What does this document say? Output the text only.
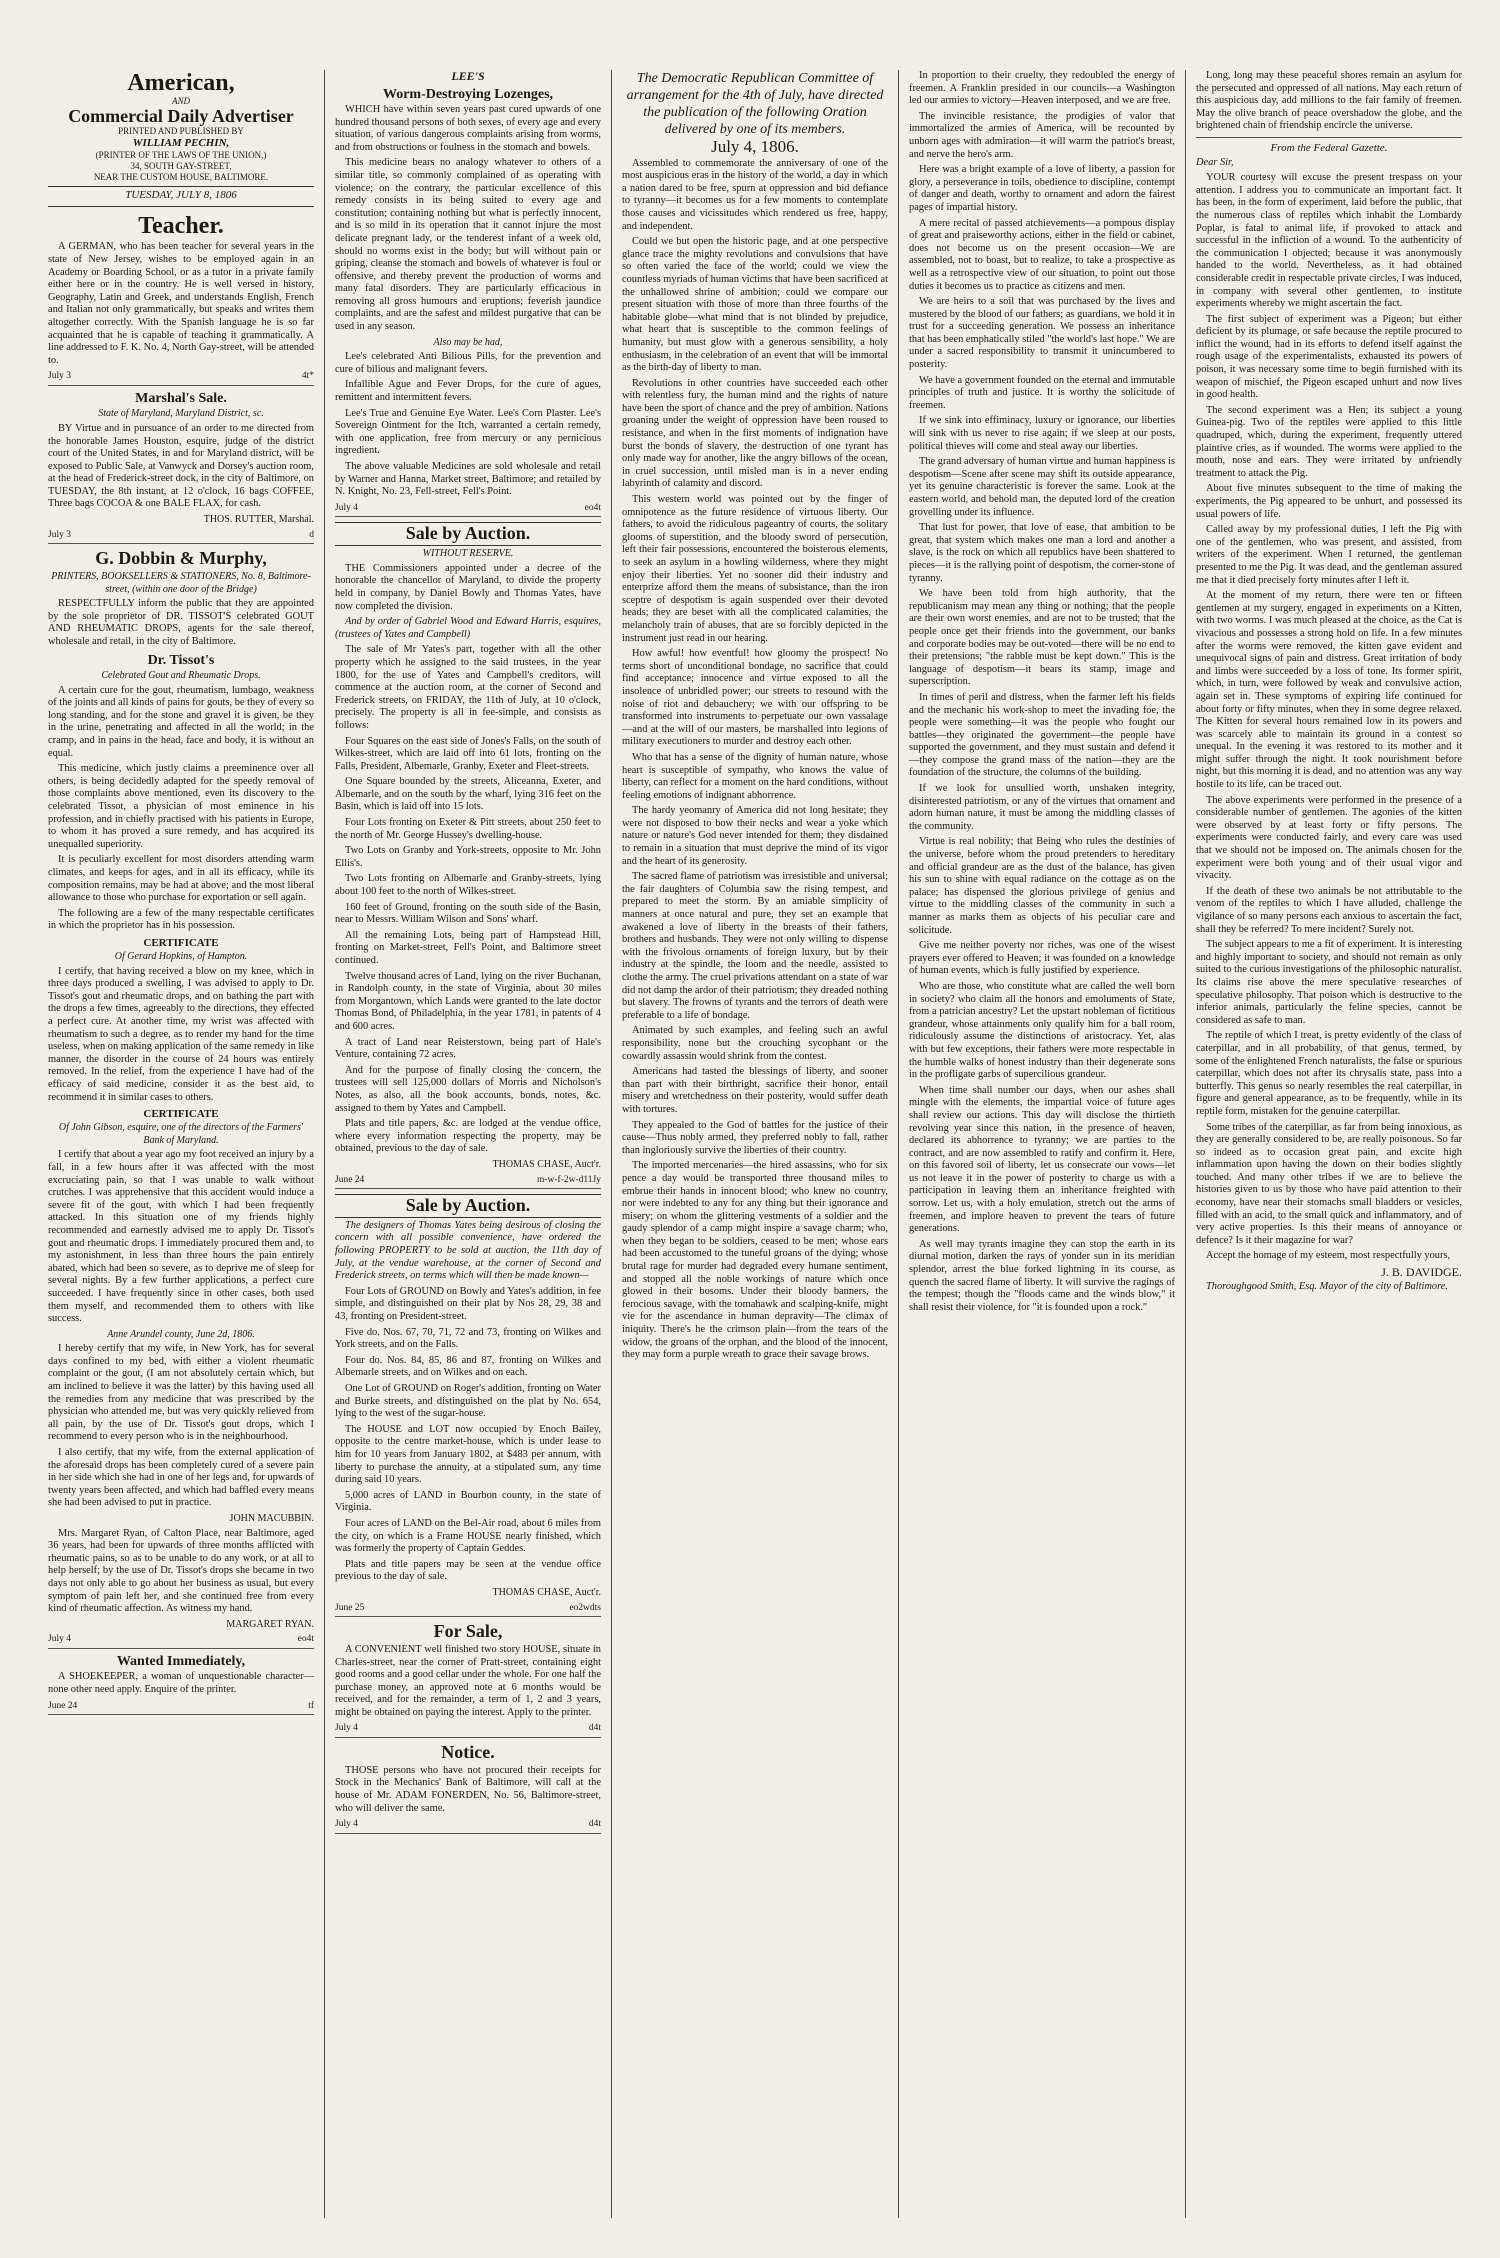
American,
AND
Commercial Daily Advertiser
PRINTED AND PUBLISHED BY
WILLIAM PECHIN,
(PRINTER OF THE LAWS OF THE UNION,)
34, SOUTH GAY-STREET,
NEAR THE CUSTOM HOUSE, BALTIMORE.
TUESDAY, JULY 8, 1806
Teacher.

A GERMAN, who has been teacher for several years in the state of New Jersey, wishes to be employed again in an Academy or Boarding School, or as a tutor in a private family either here or in the country. He is well versed in history, Geography, Latin and Greek, and understands English, French and Italian not only grammatically, but speaks and writes them altogether correctly. With the Spanish language he is so far acquainted that he is capable of teaching it grammatically. A line addressed to F. K. No. 4, North Gay-street, will be attended to.

July 3	4t*
Marshal's Sale.
State of Maryland, Maryland District, sc.

BY Virtue and in pursuance of an order to me directed from the honorable James Houston, esquire, judge of the district court of the United States, in and for Maryland district, will be exposed to Public Sale, at Vanwyck and Dorsey's auction room, at the head of Frederick-street dock, in the city of Baltimore, on TUESDAY, the 8th instant, at 12 o'clock, 16 bags COFFEE, Three bags COCOA & one BALE FLAX, for cash.

THOS. RUTTER, Marshal.
July 3	d
G. Dobbin & Murphy,
PRINTERS, BOOKSELLERS & STATIONERS, No. 8, Baltimore-street, (within one door of the Bridge)

RESPECTFULLY inform the public that they are appointed by the sole proprietor of DR. TISSOT'S celebrated GOUT AND RHEUMATIC DROPS, agents for the sale thereof, wholesale and retail, in the city of Baltimore.

Dr. Tissot's
Celebrated Gout and Rheumatic Drops.

A certain cure for the gout, rheumatism, lumbago, weakness of the joints and all kinds of pains for gouts, be they of every so long standing, and for the stone and gravel it is given, be they in the urine, penetrating and affected in all the world; in the cramp, and in pains in the head, face and body, it is without an equal.

This medicine, which justly claims a preeminence over all others, is being decidedly adapted for the speedy removal of those complaints above mentioned, even its discovery to the celebrated Tissot, a physician of most eminence in his profession, and in chiefly practised with his patients in Europe, to whom it has proved a sure remedy, and has acquired its unequalled superiority.

It is peculiarly excellent for most disorders attending warm climates, and keeps for ages, and in all its efficacy, while its composition remains, may be had at above; and the most liberal allowance to those who purchase for exportation or sell again.

The following are a few of the many respectable certificates in which the proprietor has in his possession.

CERTIFICATE
Of Gerard Hopkins, of Hampton.

I certify, that having received a blow on my knee, which in three days produced a swelling, I was advised to apply to Dr. Tissot's gout and rheumatic drops, and on bathing the part with the drops a few times, agreeably to the directions, they effected a perfect cure. At another time, my wrist was affected with rheumatism to such a degree, as to render my hand for the time useless, when on making application of the same remedy in like manner, the disorder in the course of 24 hours was entirely removed. In the relief, from the experience I have had of the efficacy of said medicine, consider it as the best aid, to recommend it in similar cases to others.

CERTIFICATE
Of John Gibson, esquire, one of the directors of the Farmers' Bank of Maryland.

I certify that about a year ago my foot received an injury by a fall, in a few hours after it was affected with the most excruciating pain, so that I was unable to walk without crutches. I was apprehensive that this accident would induce a severe fit of the gout, with which I had been frequently attacked. In this situation one of my friends highly recommended and earnestly advised me to apply Dr. Tissot's gout and rheumatic drops. I immediately procured them and, to my astonishment, in less than three hours the pain entirely abated, which had been so severe, as to deprive me of sleep for several nights. By a few further applications, a perfect cure succeeded. I have frequently since in other cases, both used them myself, and recommended them to others with like success.

Anne Arundel county, June 2d, 1806.

I hereby certify that my wife, in New York, has for several days confined to my bed, with either a violent rheumatic complaint or the gout, (I am not absolutely certain which, but am inclined to believe it was the latter) by this having used all the remedies from any medicine that was prescribed by the physician who attended me, but was very quickly relieved from all pain, by the use of Dr. Tissot's gout drops, which I recommend to every person who is in the neighbourhood.

I also certify, that my wife, from the external application of the aforesaid drops has been completely cured of a severe pain in her side which she had in one of her legs and, for upwards of twenty years been affected, and which had baffled every means she had been advised to put in practice.

JOHN MACUBBIN.

Mrs. Margaret Ryan, of Calton Place, near Baltimore, aged 36 years, had been for upwards of three months afflicted with rheumatic pains, so as to be unable to do any work, or at all to help herself; by the use of Dr. Tissot's drops she became in two days not only able to go about her business as usual, but every symptom of pain left her, and she continued free from every kind of rheumatic affection. As witness my hand.

MARGARET RYAN.
July 4	eo4t
Wanted Immediately,

A SHOEKEEPER, a woman of unquestionable character—none other need apply. Enquire of the printer.

June 24	tf
LEE'S
Worm-Destroying Lozenges,

WHICH have within seven years past cured upwards of one hundred thousand persons of both sexes, of every age and every situation, of various dangerous complaints arising from worms, and from obstructions or foulness in the stomach and bowels.

This medicine bears no analogy whatever to others of a similar title, so commonly complained of as operating with violence; on the contrary, the particular excellence of this remedy consists in its being suited to every age and constitution; containing nothing but what is perfectly innocent, and is so mild in its operation that it cannot injure the most delicate pregnant lady, or the tenderest infant of a week old, should no worms exist in the body; but will without pain or griping, cleanse the stomach and bowels of whatever is foul or offensive, and thereby prevent the production of worms and many fatal disorders. They are particularly efficacious in removing all gross humours and eruptions; feverish jaundice complaints, and are the safest and mildest purgative that can be used in any season.

Also may be had,

Lee's celebrated Anti Bilious Pills, for the prevention and cure of bilious and malignant fevers.

Infallible Ague and Fever Drops, for the cure of agues, remittent and intermittent fevers.

Lee's True and Genuine Eye Water. Lee's Corn Plaster. Lee's Sovereign Ointment for the Itch, warranted a certain remedy, with one application, free from mercury or any pernicious ingredient.

The above valuable Medicines are sold wholesale and retail by Warner and Hanna, Market street, Baltimore; and retailed by N. Knight, No. 23, Fell-street, Fell's Point.

July 4	eo4t
Sale by Auction.
WITHOUT RESERVE.

THE Commissioners appointed under a decree of the honorable the chancellor of Maryland, to divide the property held in company, by Daniel Bowly and Thomas Yates, have now completed the division.

And by order of Gabriel Wood and Edward Harris, esquires, (trustees of Yates and Campbell)

The sale of Mr Yates's part, together with all the other property which he assigned to the said trustees, in the year 1800, for the use of Yates and Campbell's creditors, will commence at the auction room, at the corner of Second and Frederick streets, on FRIDAY, the 11th of July, at 10 o'clock, precisely. The property is all in fee-simple, and consists as follows:

Four Squares on the east side of Jones's Falls, on the south of Wilkes-street, which are laid off into 61 lots, fronting on the Falls, President, Albemarle, Granby, Exeter and Fleet-streets.

One Square bounded by the streets, Aliceanna, Exeter, and Albemarle, and on the south by the wharf, lying 316 feet on the Basin, which is laid off into 15 lots.

Four Lots fronting on Exeter & Pitt streets, about 250 feet to the north of Mr. George Hussey's dwelling-house.

Two Lots on Granby and York-streets, opposite to Mr. John Ellis's.

Two Lots fronting on Albemarle and Granby-streets, lying about 100 feet to the north of Wilkes-street.

160 feet of Ground, fronting on the south side of the Basin, near to Messrs. William Wilson and Sons' wharf.

All the remaining Lots, being part of Hampstead Hill, fronting on Market-street, Fell's Point, and Baltimore street continued.

Twelve thousand acres of Land, lying on the river Buchanan, in Randolph county, in the state of Virginia, about 30 miles from Morgantown, which Lands were granted to the late doctor Thomas Bond, of Philadelphia, in the year 1781, in patents of 4 and 600 acres.

A tract of Land near Reisterstown, being part of Hale's Venture, containing 72 acres.

And for the purpose of finally closing the concern, the trustees will sell 125,000 dollars of Morris and Nicholson's Notes, as also, all the book accounts, bonds, notes, &c. assigned to them by Yates and Campbell.

Plats and title papers, &c. are lodged at the vendue office, where every information respecting the property, may be obtained, previous to the day of sale.

THOMAS CHASE, Auct'r.
June 24	m-w-f-2w-d11Jy
Sale by Auction.

The designers of Thomas Yates being desirous of closing the concern with all possible convenience, have ordered the following PROPERTY to be sold at auction, the 11th day of July, at the vendue warehouse, at the corner of Second and Frederick streets, on terms which will then be made known—

Four Lots of GROUND on Bowly and Yates's addition, in fee simple, and distinguished on their plat by Nos 28, 29, 38 and 43, fronting on President-street.

Five do. Nos. 67, 70, 71, 72 and 73, fronting on Wilkes and York streets, and on the Falls.

Four do. Nos. 84, 85, 86 and 87, fronting on Wilkes and Albemarle streets, and on Wilkes and on each.

One Lot of GROUND on Roger's addition, fronting on Water and Burke streets, and distinguished on the plat by No. 654, lying to the west of the sugar-house.

The HOUSE and LOT now occupied by Enoch Bailey, opposite to the centre market-house, which is under lease to him for 10 years from January 1802, at $483 per annum, with liberty to purchase the annuity, at a stipulated sum, any time during said 10 years.

5,000 acres of LAND in Bourbon county, in the state of Virginia.

Four acres of LAND on the Bel-Air road, about 6 miles from the city, on which is a Frame HOUSE nearly finished, which was formerly the property of Captain Geddes.

Plats and title papers may be seen at the vendue office previous to the day of sale.

THOMAS CHASE, Auct'r.
June 25	eo2wdts
For Sale,

A CONVENIENT well finished two story HOUSE, situate in Charles-street, near the corner of Pratt-street, containing eight good rooms and a good cellar under the whole. For one half the purchase money, an approved note at 6 months would be received, and for the remainder, a term of 1, 2 and 3 years, might be obtained on paying the interest. Apply to the printer.

July 4	d4t
Notice.

THOSE persons who have not procured their receipts for Stock in the Mechanics' Bank of Baltimore, will call at the house of Mr. ADAM FONERDEN, No. 56, Baltimore-street, who will deliver the same.

July 4	d4t
The Democratic Republican Committee of arrangement for the 4th of July, have directed the publication of the following Oration delivered by one of its members.
July 4, 1806.

Assembled to commemorate the anniversary of one of the most auspicious eras in the history of the world, a day in which a nation dared to be free, spurn at oppression and bid defiance to tyranny—it becomes us for a few moments to contemplate those causes and vicissitudes which rendered us free, happy, and independent.

Could we but open the historic page, and at one perspective glance trace the mighty revolutions and convulsions that have so often varied the face of the world; could we view the countless myriads of human victims that have been sacrificed at the unhallowed shrine of ambition; could we compare our present situation with those of more than three fourths of the habitable globe—what mind that is not blinded by prejudice, what heart that is susceptible to the common feelings of humanity, but must glow with a generous sensibility, a holy enthusiasm, in the celebration of an event that will be immortal as the birth-day of liberty to man.

Revolutions in other countries have succeeded each other with relentless fury, the human mind and the rights of nature have been the sport of chance and the prey of ambition. Nations groaning under the weight of oppression have been roused to resistance, and when in the first moments of indignation have burst the bonds of slavery, the destruction of one tyrant has only made way for another, like the angry billows of the ocean, in cruel succession, until misled man is in a never ending labyrinth of calamity and discord.

This western world was pointed out by the finger of omnipotence as the future residence of virtuous liberty. Our fathers, to avoid the ridiculous pageantry of courts, the solitary glooms of superstition, and the bloody sword of persecution, left their fair possessions, encountered the boisterous elements, to seek an asylum in a howling wilderness, where they might enjoy their liberties. Yet no sooner did their industry and enterprize afford them the means of subsistance, than the iron sceptre of despotism is again suspended over their devoted heads; they are beset with all the complicated calamities, the melancholy train of abuses, that are so forcibly depicted in the instrument just read in our hearing.

How awful! how eventful! how gloomy the prospect! No terms short of unconditional bondage, no sacrifice that could find acceptance; innocence and virtue exposed to all the insolence of unbridled power; our streets to resound with the noise of riot and debauchery; we with our offspring to be transformed into instruments to perpetuate our own vassalage—and at the will of our masters, be marshalled into legions of military executioners to murder and destroy each other.

Who that has a sense of the dignity of human nature, whose heart is susceptible of sympathy, who knows the value of liberty, can reflect for a moment on the hard conditions, without feeling emotions of indignant abhorrence.

The hardy yeomanry of America did not long hesitate; they were not disposed to bow their necks and wear a yoke which nature or nature's God never intended for them; they disdained to remain in a situation that must deprive the mind of its vigor and the heart of its generosity.

The sacred flame of patriotism was irresistible and universal; the fair daughters of Columbia saw the rising tempest, and prepared to meet the storm. By an amiable simplicity of manners at once natural and pure, they set an example that awakened a love of liberty in the breasts of their fathers, brothers and husbands. They were not only willing to dispense with the frivolous ornaments of foreign luxury, but by their industry at the spindle, the loom and the needle, assisted to clothe the army. The cruel privations attendant on a state of war did not damp the ardor of their patriotism; they dreaded nothing but slavery. The frowns of tyrants and the terrors of death were preferable to a life of bondage.

Animated by such examples, and feeling such an awful responsibility, none but the crouching sycophant or the cowardly assassin would shrink from the contest.

Americans had tasted the blessings of liberty, and sooner than part with their birthright, sacrifice their honor, entail misery and wretchedness on their posterity, would suffer death with tortures.

They appealed to the God of battles for the justice of their cause—Thus nobly armed, they preferred nobly to fall, rather than ingloriously survive the liberties of their country.

The imported mercenaries—the hired assassins, who for six pence a day would be transported three thousand miles to embrue their hands in innocent blood; who knew no country, nor were indebted to any for any thing but their ignorance and misery; on whom the glittering vestments of a soldier and the gaudy splendor of a camp might inspire a savage charm; who, when they began to be soldiers, ceased to be men; whose ears had been accustomed to the tuneful groans of the dying; whose brutal rage for murder had degraded every humane sentiment, and stopped all the noble workings of nature which once glowed in their bosoms. Under their bloody banners, the ferocious savage, with the tomahawk and scalping-knife, might vie for the ascendance in human depravity—The climax of iniquity. There's he the crimson plain—from the tears of the widow, the groans of the orphan, and the blood of the innocent, they may form a purple wreath to grace their savage brows.

In proportion to their cruelty, they redoubled the energy of freemen. A Franklin presided in our councils—a Washington led our armies to victory—Heaven interposed, and we are free.

The invincible resistance, the prodigies of valor that immortalized the armies of America, will be recounted by unborn ages with admiration—it will warm the patriot's breast, and nerve the hero's arm.

Here was a bright example of a love of liberty, a passion for glory, a perseverance in toils, obedience to discipline, contempt of danger and death, worthy to ornament and adorn the fairest pages of impartial history.

A mere recital of passed atchievements—a pompous display of great and praiseworthy actions, either in the field or cabinet, does not become us on the present occasion—We are assembled, not to boast, but to realize, to take a prospective as well as a retrospective view of our situation, to point out those duties it becomes us to practice as citizens and men.

We are heirs to a soil that was purchased by the lives and mustered by the blood of our fathers; as guardians, we hold it in trust for a succeeding generation. We possess an inheritance that has been emphatically stiled "the world's last hope." We are under a sacred responsibility to transmit it unincumbered to posterity.

We have a government founded on the eternal and immutable principles of truth and justice. It is worthy the solicitude of freemen.

If we sink into effiminacy, luxury or ignorance, our liberties will sink with us never to rise again; if we sleep at our posts, political thieves will come and steal away our liberties.

The grand adversary of human virtue and human happiness is despotism—Scene after scene may shift its outside appearance, yet its genuine characteristic is forever the same. Look at the eastern world, and behold man, the deputed lord of the creation grovelling under its influence.

That lust for power, that love of ease, that ambition to be great, that system which makes one man a lord and another a slave, is the rock on which all republics have been shattered to pieces—it is the rallying point of despotism, the corner-stone of tyranny.

We have been told from high authority, that the republicanism may mean any thing or nothing; that the people are their own worst enemies, and are not to be trusted; that the people once get their friends into the government, our banks and corporate bodies may be out-voted—there will be no end to their pretensions; "the rabble must be kept down." This is the language of despotism—it bears its stamp, image and superscription.

In times of peril and distress, when the farmer left his fields and the mechanic his work-shop to meet the invading foe, the people were something—it was the people who fought our battles—they originated the government—the people have supported the government, and they must sustain and defend it—they compose the grand mass of the nation—they are the foundation of the structure, the columns of the building.

If we look for unsullied worth, unshaken integrity, disinterested patriotism, or any of the virtues that ornament and adorn human nature, it must be among the middling classes of the community.

Virtue is real nobility; that Being who rules the destinies of the universe, before whom the proud pretenders to hereditary and official grandeur are as the dust of the balance, has given his sun to shine with equal radiance on the cottage as on the palace; has dispensed the glorious privilege of genius and virtue to the middling classes of the community in such a manner as marks them as objects of his peculiar care and solicitude.

Give me neither poverty nor riches, was one of the wisest prayers ever offered to Heaven; it was founded on a knowledge of human events, which is fully justified by experience.

Who are those, who constitute what are called the well born in society? who claim all the honors and emoluments of State, from a patrician ancestry? Let the upstart nobleman of fictitious grandeur, whose attainments only qualify him for a ball room, ridiculously assume the distinctions of aristocracy. Yet, alas with but few exceptions, their fathers were more respectable in the humble walks of honest industry than their degenerate sons in the profligate garbs of supercilious grandeur.

When time shall number our days, when our ashes shall mingle with the elements, the impartial voice of future ages shall review our actions. This day will disclose the thirtieth revolving year since this nation, in the presence of heaven, declared its abhorrence to tyranny; we are parties to the contract, and are now assembled to ratify and confirm it. Here, on this favored soil of liberty, let us consecrate our vows—let us not leave it in the power of posterity to charge us with a participation in leaving them an inheritance freighted with sorrow. Let us, with a holy emulation, stretch out the arms of freemen, and implore heaven to prevent the tears of future generations.

As well may tyrants imagine they can stop the earth in its diurnal motion, darken the rays of yonder sun in its meridian splendor, arrest the blue forked lightning in its course, as quench the sacred flame of liberty. It will survive the ragings of the tempest; though the "floods came and the winds blow," it shall resist their violence, for "it is founded upon a rock."

Long, long may these peaceful shores remain an asylum for the persecuted and oppressed of all nations. May each return of this auspicious day, add millions to the fair family of freemen. May the olive branch of peace overshadow the globe, and the brightened chain of friendship encircle the universe.

From the Federal Gazette.

Dear Sir,

YOUR courtesy will excuse the present trespass on your attention. I address you to communicate an important fact. It has been, in the form of experiment, laid before the public, that the numerous class of reptiles which inhabit the Lombardy Poplar, is fatal to animal life, if provoked to attack and successful in the infliction of a wound. To the authenticity of the communication I objected; because it was anonymously handed to the world. Nevertheless, as it had obtained considerable credit in respectable private circles, I was induced, in company with several other gentlemen, to institute experiments whereby we might ascertain the fact.

The first subject of experiment was a Pigeon; but either deficient by its plumage, or safe because the reptile procured to inflict the wound, had in its efforts to defend itself against the rough usage of the experimentalists, exhausted its powers of poison, it was necessary some time to begin furnished with its weapon of mischief, the Pigeon escaped unhurt and now lives in good health.

The second experiment was a Hen; its subject a young Guinea-pig. Two of the reptiles were applied to this little quadruped, which, during the experiment, frequently uttered plaintive cries, as if wounded. The worms were applied to the mouth, nose and ears. They were irritated by unfriendly treatment to attack the Pig.

About five minutes subsequent to the time of making the experiments, the Pig appeared to be unhurt, and possessed its usual powers of life.

Called away by my professional duties, I left the Pig with one of the gentlemen, who was present, and assisted, from writers of the experiment. When I returned, the gentleman presented to me the Pig. It was dead, and the gentleman assured me that it died precisely forty minutes after I left it.

At the moment of my return, there were ten or fifteen gentlemen at my surgery, engaged in experiments on a Kitten, with two worms. I was much pleased at the choice, as the Cat is vivacious and possesses a strong hold on life. In a few minutes after the worms were removed, the kitten gave evident and unequivocal signs of pain and distress. Great irritation of body and limbs were succeeded by a loss of tone. Its former spirit, which, in turn, were followed by weak and convulsive action, again set in. These symptoms of expiring life continued for about forty or fifty minutes, when they in some degree relaxed. The Kitten for several hours remained low in its powers and was scarcely able to maintain its ground in a contest so unequal. In the evening it was restored to its mother and it might suffer through the night. It took nourishment before night, but this morning it is dead, and no attention was any way hostile to its life, can be traced out.

The above experiments were performed in the presence of a considerable number of gentlemen. The agonies of the kitten were observed by at least forty or fifty persons. The experiments were conducted fairly, and every care was used that we should not be imposed on. The animals chosen for the experiment were both young and of their usual vigor and vivacity.

If the death of these two animals be not attributable to the venom of the reptiles to which I have alluded, challenge the vigilance of so many persons each anxious to ascertain the fact, shall they be referred? To mere incident? Surely not.

The subject appears to me a fit of experiment. It is interesting and highly important to society, and should not remain as only suited to the curious investigations of the philosophic naturalist. Its claims rise above the mere speculative researches of speculative philosophy. That poison which is destructive to the inferior animals, particularly the feline species, cannot be considered as safe to man.

The reptile of which I treat, is pretty evidently of the class of caterpillar, and in all probability, of that genus, termed, by some of the enlightened French naturalists, the false or spurious caterpillar, which does not after its chrysalis state, pass into a butterfly. This genus so nearly resembles the real caterpillar, in figure and general appearance, as to be frequently, while in its reptile form, mistaken for the genuine caterpillar.

Some tribes of the caterpillar, as far from being innoxious, as they are generally considered to be, are really poisonous. So far so indeed as to occasion great pain, and excite high inflammation upon having the down on their bodies slightly touched. And many other tribes if we are to believe the histories given to us by those who have paid attention to their economy, have near their stomachs small bladders or vesicles, filled with an acid, to the small quick and inflammatory, and of very active properties. Is this their means of annoyance or defence? Is it their magazine for war?

Accept the homage of my esteem, most respectfully yours,

J. B. DAVIDGE.

Thoroughgood Smith, Esq. Mayor of the city of Baltimore.
